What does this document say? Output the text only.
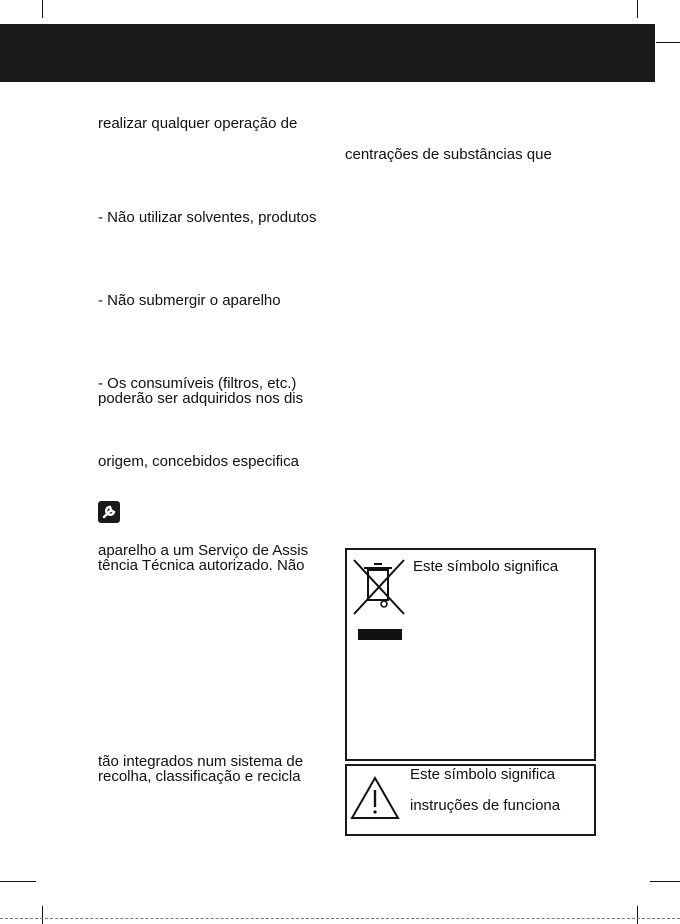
realizar qualquer operação de
- Não utilizar solventes, produtos
- Não submergir o aparelho
- Os consumíveis (filtros, etc.)
poderão ser adquiridos nos dis
origem, concebidos especifica
aparelho a um Serviço de Assis
tência Técnica autorizado. Não
tão integrados num sistema de
recolha, classificação e recicla
centrações de substâncias que
Este símbolo significa
Este símbolo significa
instruções de funciona
